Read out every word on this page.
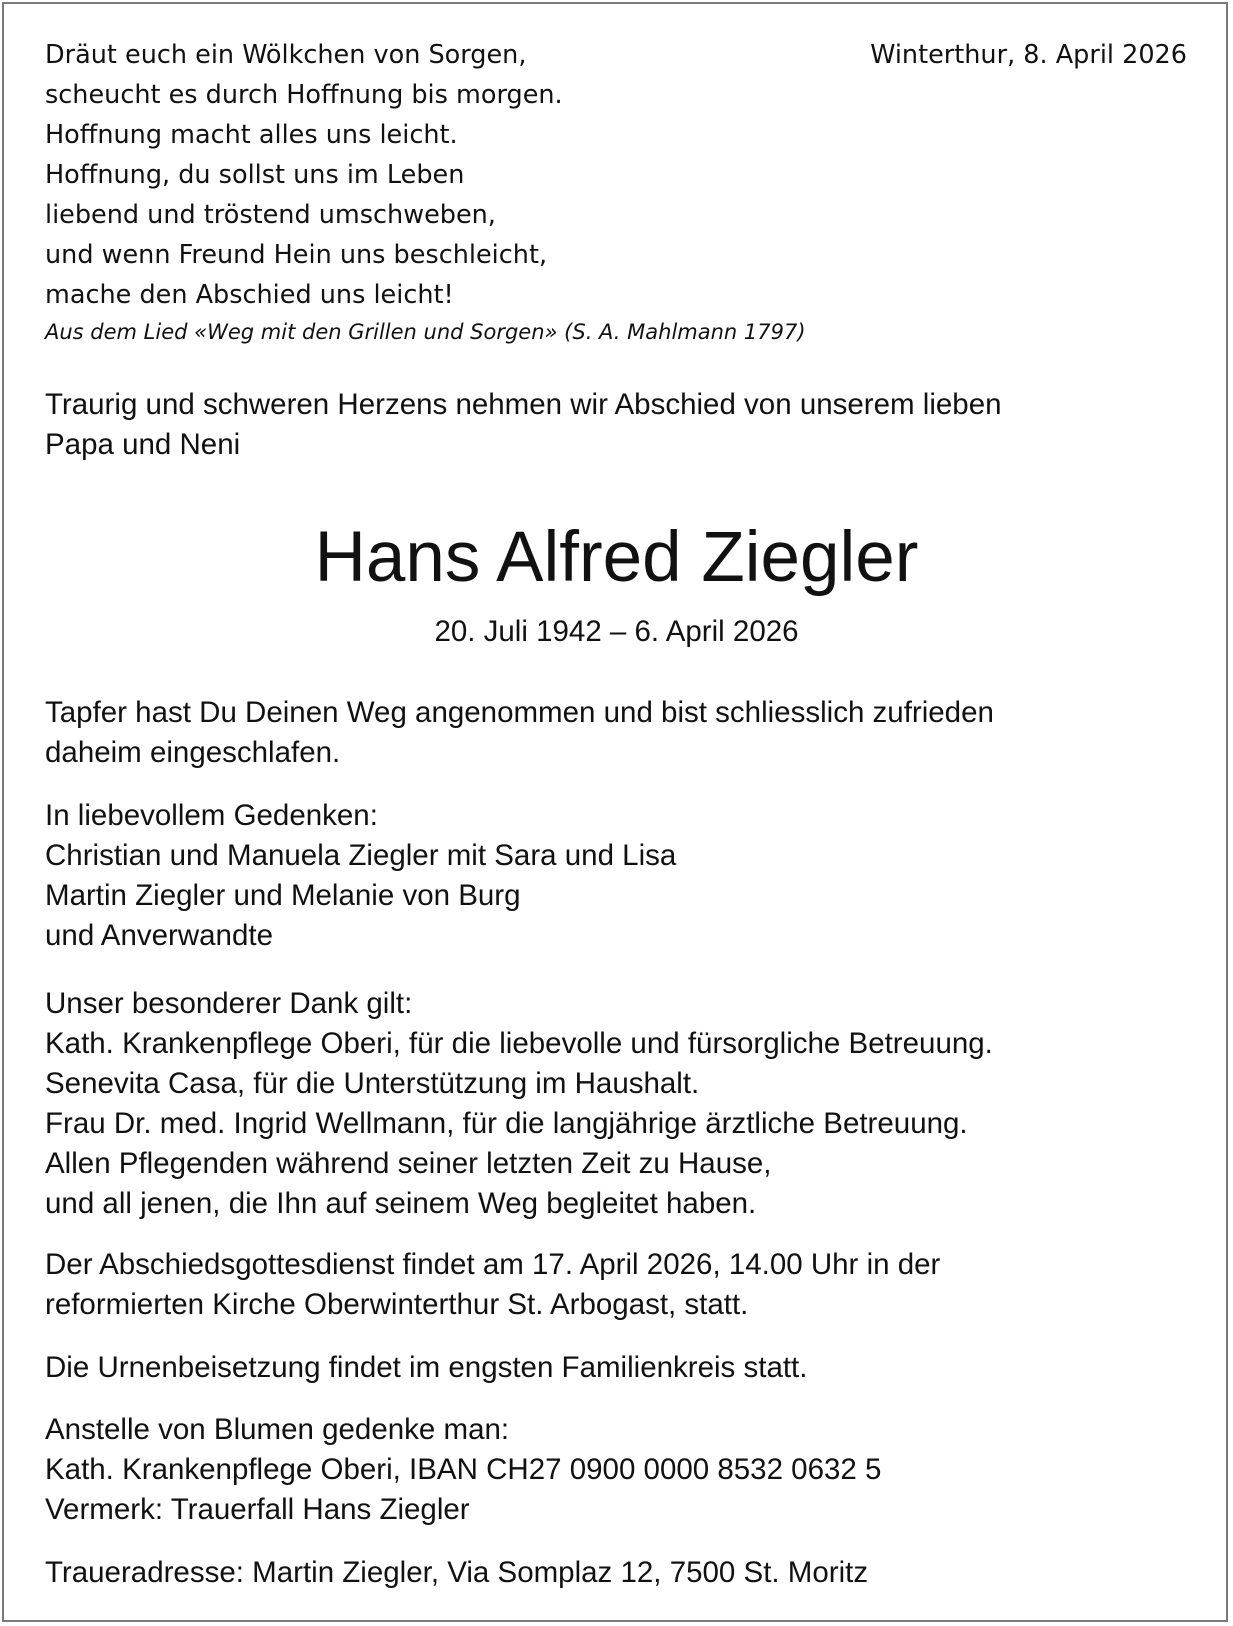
Dräut euch ein Wölkchen von Sorgen,
scheucht es durch Hoffnung bis morgen.
Hoffnung macht alles uns leicht.
Hoffnung, du sollst uns im Leben
liebend und tröstend umschweben,
und wenn Freund Hein uns beschleicht,
mache den Abschied uns leicht!
Aus dem Lied «Weg mit den Grillen und Sorgen» (S. A. Mahlmann 1797)
Winterthur, 8. April 2026
Traurig und schweren Herzens nehmen wir Abschied von unserem lieben
Papa und Neni
Hans Alfred Ziegler
20. Juli 1942 – 6. April 2026
Tapfer hast Du Deinen Weg angenommen und bist schliesslich zufrieden
daheim eingeschlafen.
In liebevollem Gedenken:
Christian und Manuela Ziegler mit Sara und Lisa
Martin Ziegler und Melanie von Burg
und Anverwandte
Unser besonderer Dank gilt:
Kath. Krankenpflege Oberi, für die liebevolle und fürsorgliche Betreuung.
Senevita Casa, für die Unterstützung im Haushalt.
Frau Dr. med. Ingrid Wellmann, für die langjährige ärztliche Betreuung.
Allen Pflegenden während seiner letzten Zeit zu Hause,
und all jenen, die Ihn auf seinem Weg begleitet haben.
Der Abschiedsgottesdienst findet am 17. April 2026, 14.00 Uhr in der
reformierten Kirche Oberwinterthur St. Arbogast, statt.
Die Urnenbeisetzung findet im engsten Familienkreis statt.
Anstelle von Blumen gedenke man:
Kath. Krankenpflege Oberi, IBAN CH27 0900 0000 8532 0632 5
Vermerk: Trauerfall Hans Ziegler
Traueradresse: Martin Ziegler, Via Somplaz 12, 7500 St. Moritz
